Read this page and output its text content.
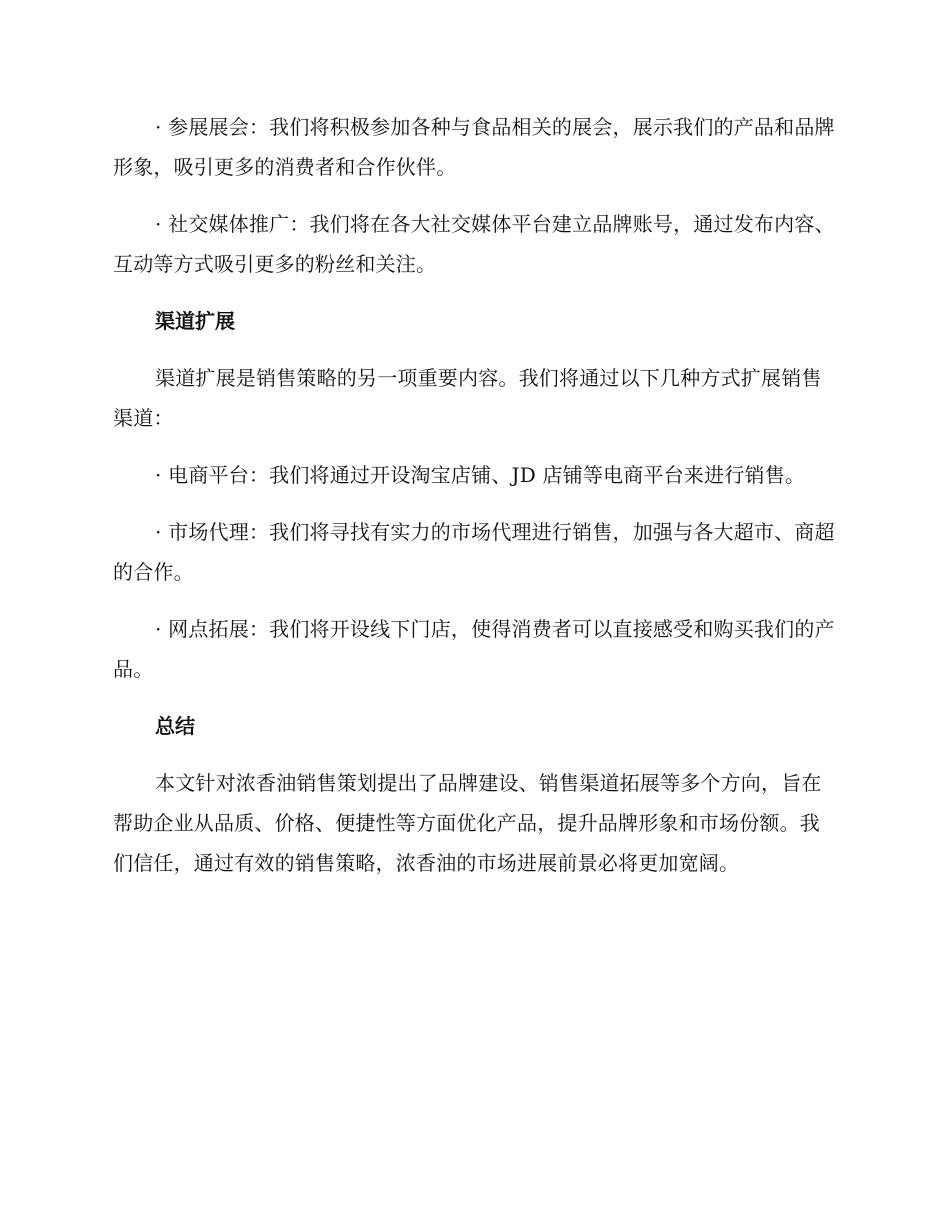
· 参展展会：我们将积极参加各种与食品相关的展会，展示我们的产品和品牌形象，吸引更多的消费者和合作伙伴。

· 社交媒体推广：我们将在各大社交媒体平台建立品牌账号，通过发布内容、互动等方式吸引更多的粉丝和关注。

渠道扩展

渠道扩展是销售策略的另一项重要内容。我们将通过以下几种方式扩展销售渠道：

· 电商平台：我们将通过开设淘宝店铺、JD 店铺等电商平台来进行销售。

· 市场代理：我们将寻找有实力的市场代理进行销售，加强与各大超市、商超的合作。

· 网点拓展：我们将开设线下门店，使得消费者可以直接感受和购买我们的产品。

总结

本文针对浓香油销售策划提出了品牌建设、销售渠道拓展等多个方向，旨在帮助企业从品质、价格、便捷性等方面优化产品，提升品牌形象和市场份额。我们信任，通过有效的销售策略，浓香油的市场进展前景必将更加宽阔。
